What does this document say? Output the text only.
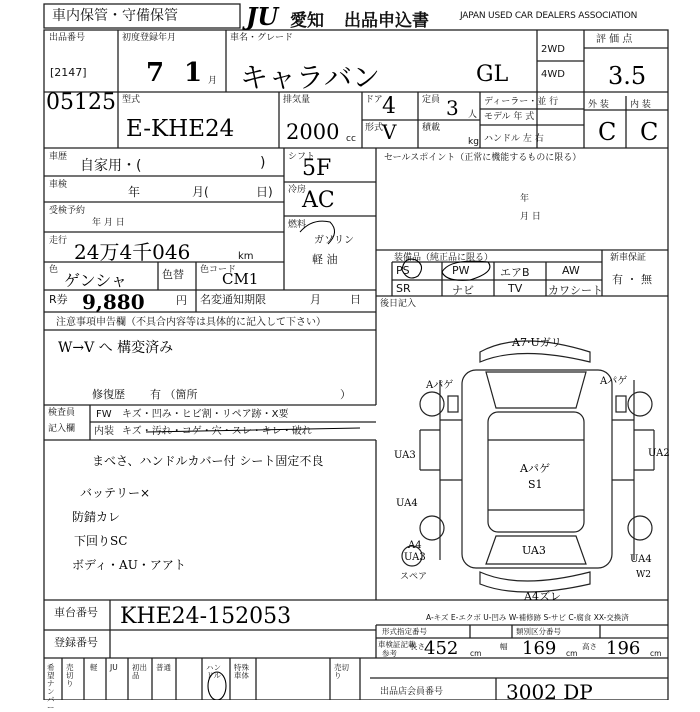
車内保管・守備保管	JU 愛知 出品申込書	JAPAN USED CAR DEALERS ASSOCIATION
出品番号
[2147]
05125
初度登録年月
7 1 月
車名・グレード
キャラバン	GL
2WD
4WD
評 価 点
3.5
型式
E-KHE24
排気量
2000 cc
ドア 4	定員 3 人
形式
V	積載
kg
ディーラー・並 行
モデル 年 式
ハンドル 左 右
外 装 内 装
C C
車歴
自家用・(	)
車検	年	月(	日)
受検予約
年 月 日
走行 24万4千046	km
色
ゲンシャ	色替 色コード
CM1
シフト
5F
冷房
AC
燃料
ガソリン
軽 油
R券 9,880	円 名変通知期限	月	日
セールスポイント（正常に機能するものに限る）
年
月 日
装備品（純正品に限る）	新車保証
有 ・ 無
PS	PW	エアB	AW
SR	ナビ	TV カワシート
後日記入
注意事項申告欄（不具合内容等は具体的に記入して下さい）
W→V へ 構変済み
修復歴 有 （箇所	）
検査員
記入欄
FW キズ・凹み・ヒビ割・リペア跡・X要
内装 キズ・汚れ・コゲ・穴・スレ・キレ・破れ
まべさ、ハンドルカバー付 シート固定不良
バッテリー×
防錆カレ
下回りSC
ボディ・AU・アアト
A7·Uガリ
Aパゲ	Aパゲ
Aパゲ
S1
UA3	UA2
UA4
A4
UA3
UA3
UA4
W2
A4ズレ
スペア
A-キズ E-エクボ U-凹み W-補修跡 S-サビ C-腐食 XX-交換済
車台番号 KHE24-152053
登録番号
形式指定番号	類別区分番号
車検証記載
参考
長さ 452 cm
幅 169 cm
高さ 196 cm
希望ナンバー
売切り
軽 JU 初出品
普通	ハンドル
特殊車体
売切り
出品店会員番号	3002 DP
